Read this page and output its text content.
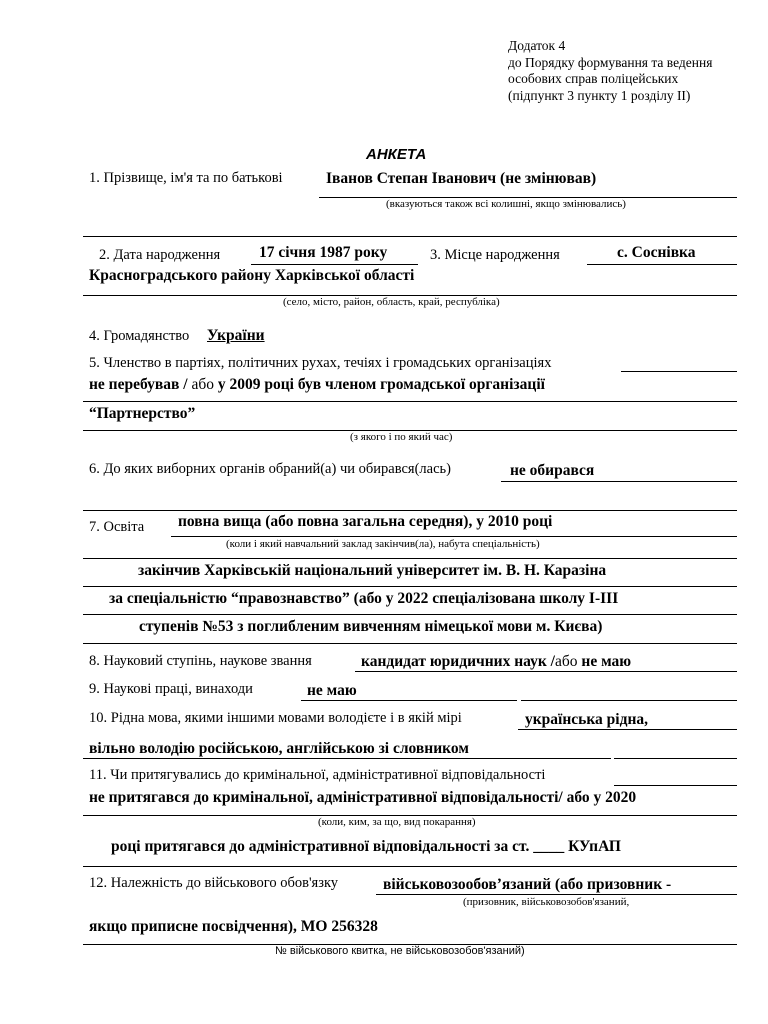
Додаток 4
до Порядку формування та ведення
особових справ поліцейських
(підпункт 3 пункту 1 розділу II)
АНКЕТА
1. Прізвище, ім'я та по батькові	Іванов Степан Іванович (не змінював)
(вказуються також всі колишні, якщо змінювались)
2. Дата народження	17 січня 1987 року	3. Місце народження	с. Соснівка
Красноградського району Харківської області
(село, місто, район, область, край, республіка)
4. Громадянство України
5. Членство в партіях, політичних рухах, течіях і громадських організаціях
не перебував / або у 2009 році був членом громадської організації
“Партнерство”
(з якого і по який час)
6. До яких виборних органів обраний(а) чи обирався(лась)	не обирався
7. Освіта повна вища (або повна загальна середня), у 2010 році
(коли і який навчальний заклад закінчив(ла), набута спеціальність)
закінчив Харківській національний університет ім. В. Н. Каразіна
за спеціальністю “правознавство” (або у 2022 спеціалізована школу I-III
ступенів №53 з поглибленим вивченням німецької мови м. Києва)
8. Науковий ступінь, наукове звання	кандидат юридичних наук /або не маю
9. Наукові праці, винаходи	не маю
10. Рідна мова, якими іншими мовами володієте і в якій мірі	українська рідна,
вільно володію російською, англійською зі словником
11. Чи притягувались до кримінальної, адміністративної відповідальності
не притягався до кримінальної, адміністративної відповідальності/ або у 2020
(коли, ким, за що, вид покарання)
році притягався до адміністративної відповідальності за ст. ____ КУпАП
12. Належність до військового обов'язку	військовозообов’язаний (або призовник -
(призовник, військовозобов'язаний,
якщо приписне посвідчення), МО 256328
№ військового квитка, не військовозобов'язаний)
